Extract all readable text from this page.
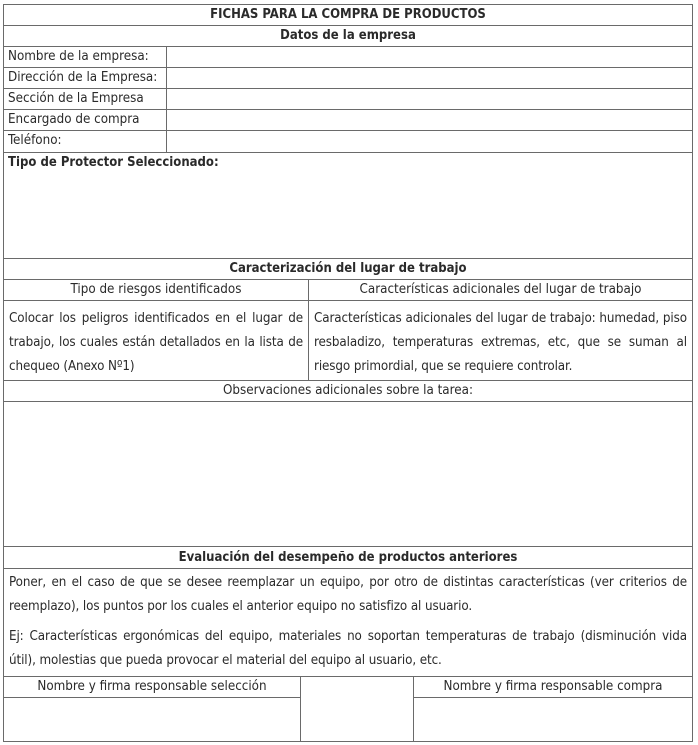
FICHAS PARA LA COMPRA DE PRODUCTOS
Datos de la empresa
Nombre de la empresa:
Dirección de la Empresa:
Sección de la Empresa
Encargado de compra
Teléfono:
Tipo de Protector Seleccionado:
Caracterización del lugar de trabajo
Tipo de riesgos identificados	Características adicionales del lugar de trabajo
Colocar los peligros identificados en el lugar de trabajo, los cuales están detallados en la lista de chequeo (Anexo Nº1)
Características adicionales del lugar de trabajo: humedad, piso resbaladizo, temperaturas extremas, etc, que se suman al riesgo primordial, que se requiere controlar.
Observaciones adicionales sobre la tarea:
Evaluación del desempeño de productos anteriores
Poner, en el caso de que se desee reemplazar un equipo, por otro de distintas características (ver criterios de reemplazo), los puntos por los cuales el anterior equipo no satisfizo al usuario.
Ej: Características ergonómicas del equipo, materiales no soportan temperaturas de trabajo (disminución vida útil), molestias que pueda provocar el material del equipo al usuario, etc.
Nombre y firma responsable selección	Nombre y firma responsable compra
